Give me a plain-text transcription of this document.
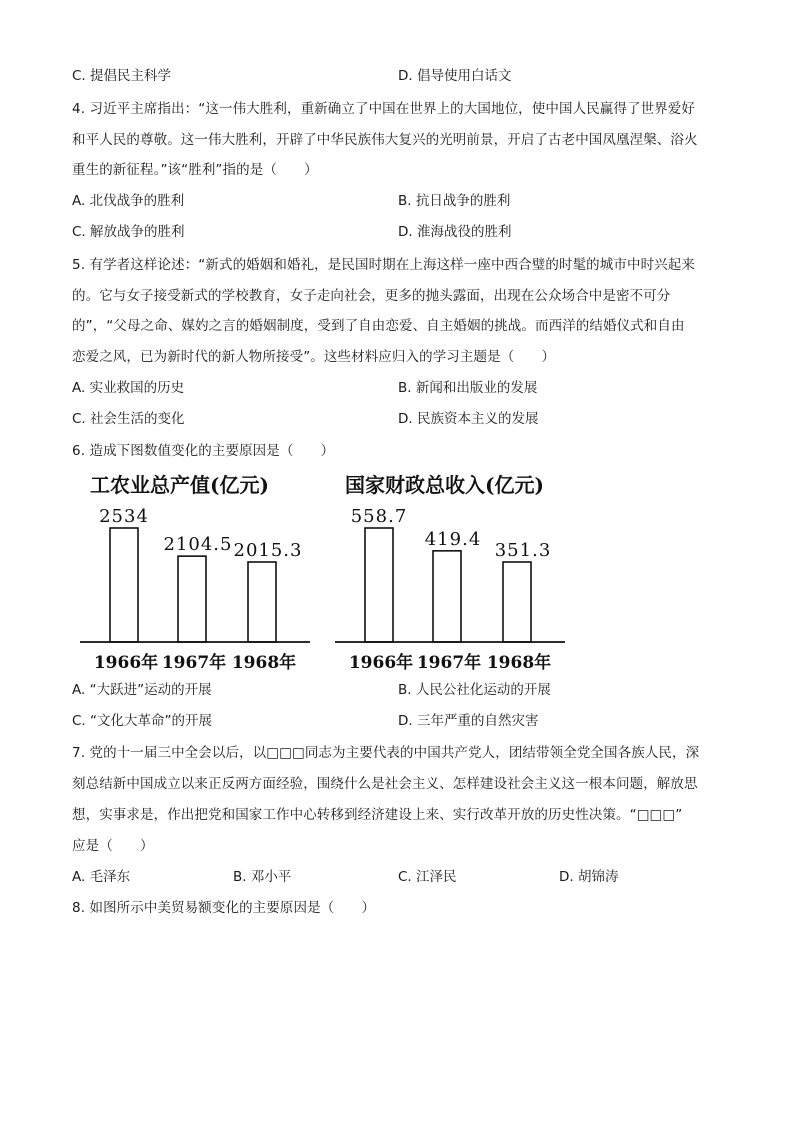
C. 提倡民主科学	D. 倡导使用白话文
4. 习近平主席指出：“这一伟大胜利，重新确立了中国在世界上的大国地位，使中国人民赢得了世界爱好
和平人民的尊敬。这一伟大胜利，开辟了中华民族伟大复兴的光明前景，开启了古老中国凤凰涅槃、浴火
重生的新征程。”该“胜利”指的是（　　）
A. 北伐战争的胜利	B. 抗日战争的胜利
C. 解放战争的胜利	D. 淮海战役的胜利
5. 有学者这样论述：“新式的婚姻和婚礼，是民国时期在上海这样一座中西合璧的时髦的城市中时兴起来
的。它与女子接受新式的学校教育，女子走向社会，更多的抛头露面，出现在公众场合中是密不可分
的”，“父母之命、媒妁之言的婚姻制度，受到了自由恋爱、自主婚姻的挑战。而西洋的结婚仪式和自由
恋爱之风，已为新时代的新人物所接受”。这些材料应归入的学习主题是（　　）
A. 实业救国的历史	B. 新闻和出版业的发展
C. 社会生活的变化	D. 民族资本主义的发展
6. 造成下图数值变化的主要原因是（　　）
工农业总产值(亿元)
2534
1966年
2104.5
1967年
2015.3
1968年
国家财政总收入(亿元)
558.7
1966年
419.4
1967年
351.3
1968年
A. “大跃进”运动的开展	B. 人民公社化运动的开展
C. “文化大革命”的开展	D. 三年严重的自然灾害
7. 党的十一届三中全会以后，以□□□同志为主要代表的中国共产党人，团结带领全党全国各族人民，深
刻总结新中国成立以来正反两方面经验，围绕什么是社会主义、怎样建设社会主义这一根本问题，解放思
想，实事求是，作出把党和国家工作中心转移到经济建设上来、实行改革开放的历史性决策。“□□□”
应是（　　）
A. 毛泽东	B. 邓小平	C. 江泽民	D. 胡锦涛
8. 如图所示中美贸易额变化的主要原因是（　　）
